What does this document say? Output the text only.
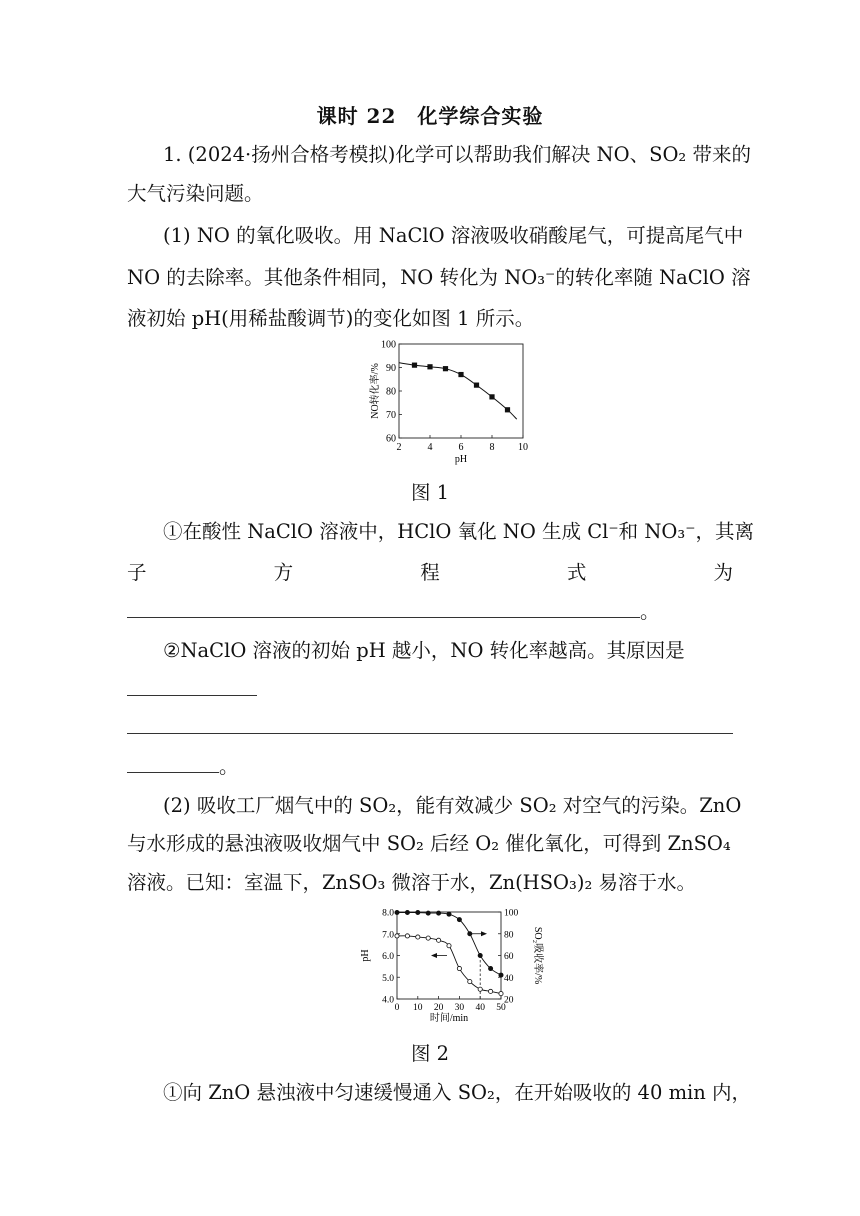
课时 22　化学综合实验
1. (2024·扬州合格考模拟)化学可以帮助我们解决 NO、SO₂ 带来的
大气污染问题。
(1) NO 的氧化吸收。用 NaClO 溶液吸收硝酸尾气，可提高尾气中
NO 的去除率。其他条件相同，NO 转化为 NO₃⁻的转化率随 NaClO 溶
液初始 pH(用稀盐酸调节)的变化如图 1 所示。
2	4	6	8 10
60
70
80
90
100
pH
NO转化率/%
图 1
①在酸性 NaClO 溶液中，HClO 氧化 NO 生成 Cl⁻和 NO₃⁻，其离
子	方	程	式	为
。
②NaClO 溶液的初始 pH 越小，NO 转化率越高。其原因是
。
(2) 吸收工厂烟气中的 SO₂，能有效减少 SO₂ 对空气的污染。ZnO
与水形成的悬浊液吸收烟气中 SO₂ 后经 O₂ 催化氧化，可得到 ZnSO₄
溶液。已知：室温下，ZnSO₃ 微溶于水，Zn(HSO₃)₂ 易溶于水。
0 10 20 30 40 50
4.0
5.0
6.0
7.0
8.0
20
40
60
80
100
时间/min
pH	SO₂吸收率/%
图 2
①向 ZnO 悬浊液中匀速缓慢通入 SO₂，在开始吸收的 40 min 内，
